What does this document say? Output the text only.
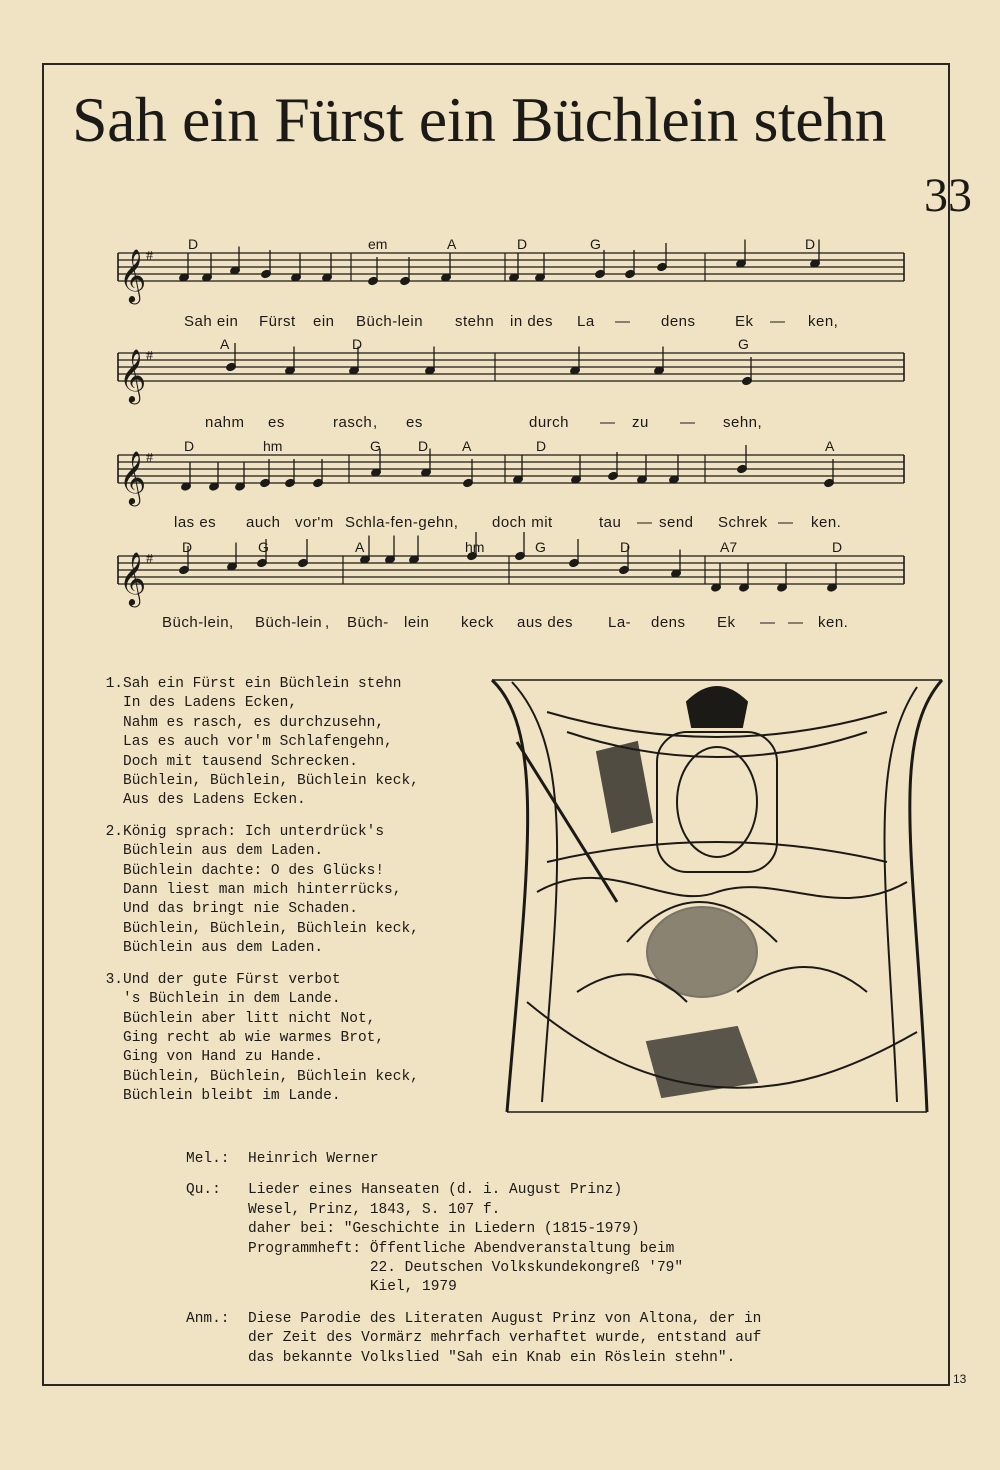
Sah ein Fürst ein Büchlein stehn
33
𝄞 #
𝄞 #
𝄞 #
𝄞 #
D	em	A	D	G	D
A	D	G
D	hm	G	D A	D	A
D	G	A	hm	G	D	A7	D
Sah ein Fürst ein Büch-lein stehn in des La — dens	Ek — ken,
nahm es	rasch , es	durch — zu — sehn,
las es auch vor'm Schla-fen-gehn, doch mit	tau — send Schrek — ken.
Büch-lein, Büch-lein , Büch- lein keck aus des La- dens Ek — — ken.
1. Sah ein Fürst ein Büchlein stehn
In des Ladens Ecken,
Nahm es rasch, es durchzusehn,
Las es auch vor'm Schlafengehn,
Doch mit tausend Schrecken.
Büchlein, Büchlein, Büchlein keck,
Aus des Ladens Ecken.
2. König sprach: Ich unterdrück's
Büchlein aus dem Laden.
Büchlein dachte: O des Glücks!
Dann liest man mich hinterrücks,
Und das bringt nie Schaden.
Büchlein, Büchlein, Büchlein keck,
Büchlein aus dem Laden.
3. Und der gute Fürst verbot
's Büchlein in dem Lande.
Büchlein aber litt nicht Not,
Ging recht ab wie warmes Brot,
Ging von Hand zu Hande.
Büchlein, Büchlein, Büchlein keck,
Büchlein bleibt im Lande.
Mel.:	Heinrich Werner
Qu.:	Lieder eines Hanseaten (d. i. August Prinz)
Wesel, Prinz, 1843, S. 107 f.
daher bei: "Geschichte in Liedern (1815-1979)
Programmheft: Öffentliche Abendveranstaltung beim
22. Deutschen Volkskundekongreß '79"
Kiel, 1979
Anm.:	Diese Parodie des Literaten August Prinz von Altona, der in
der Zeit des Vormärz mehrfach verhaftet wurde, entstand auf
das bekannte Volkslied "Sah ein Knab ein Röslein stehn".
13
